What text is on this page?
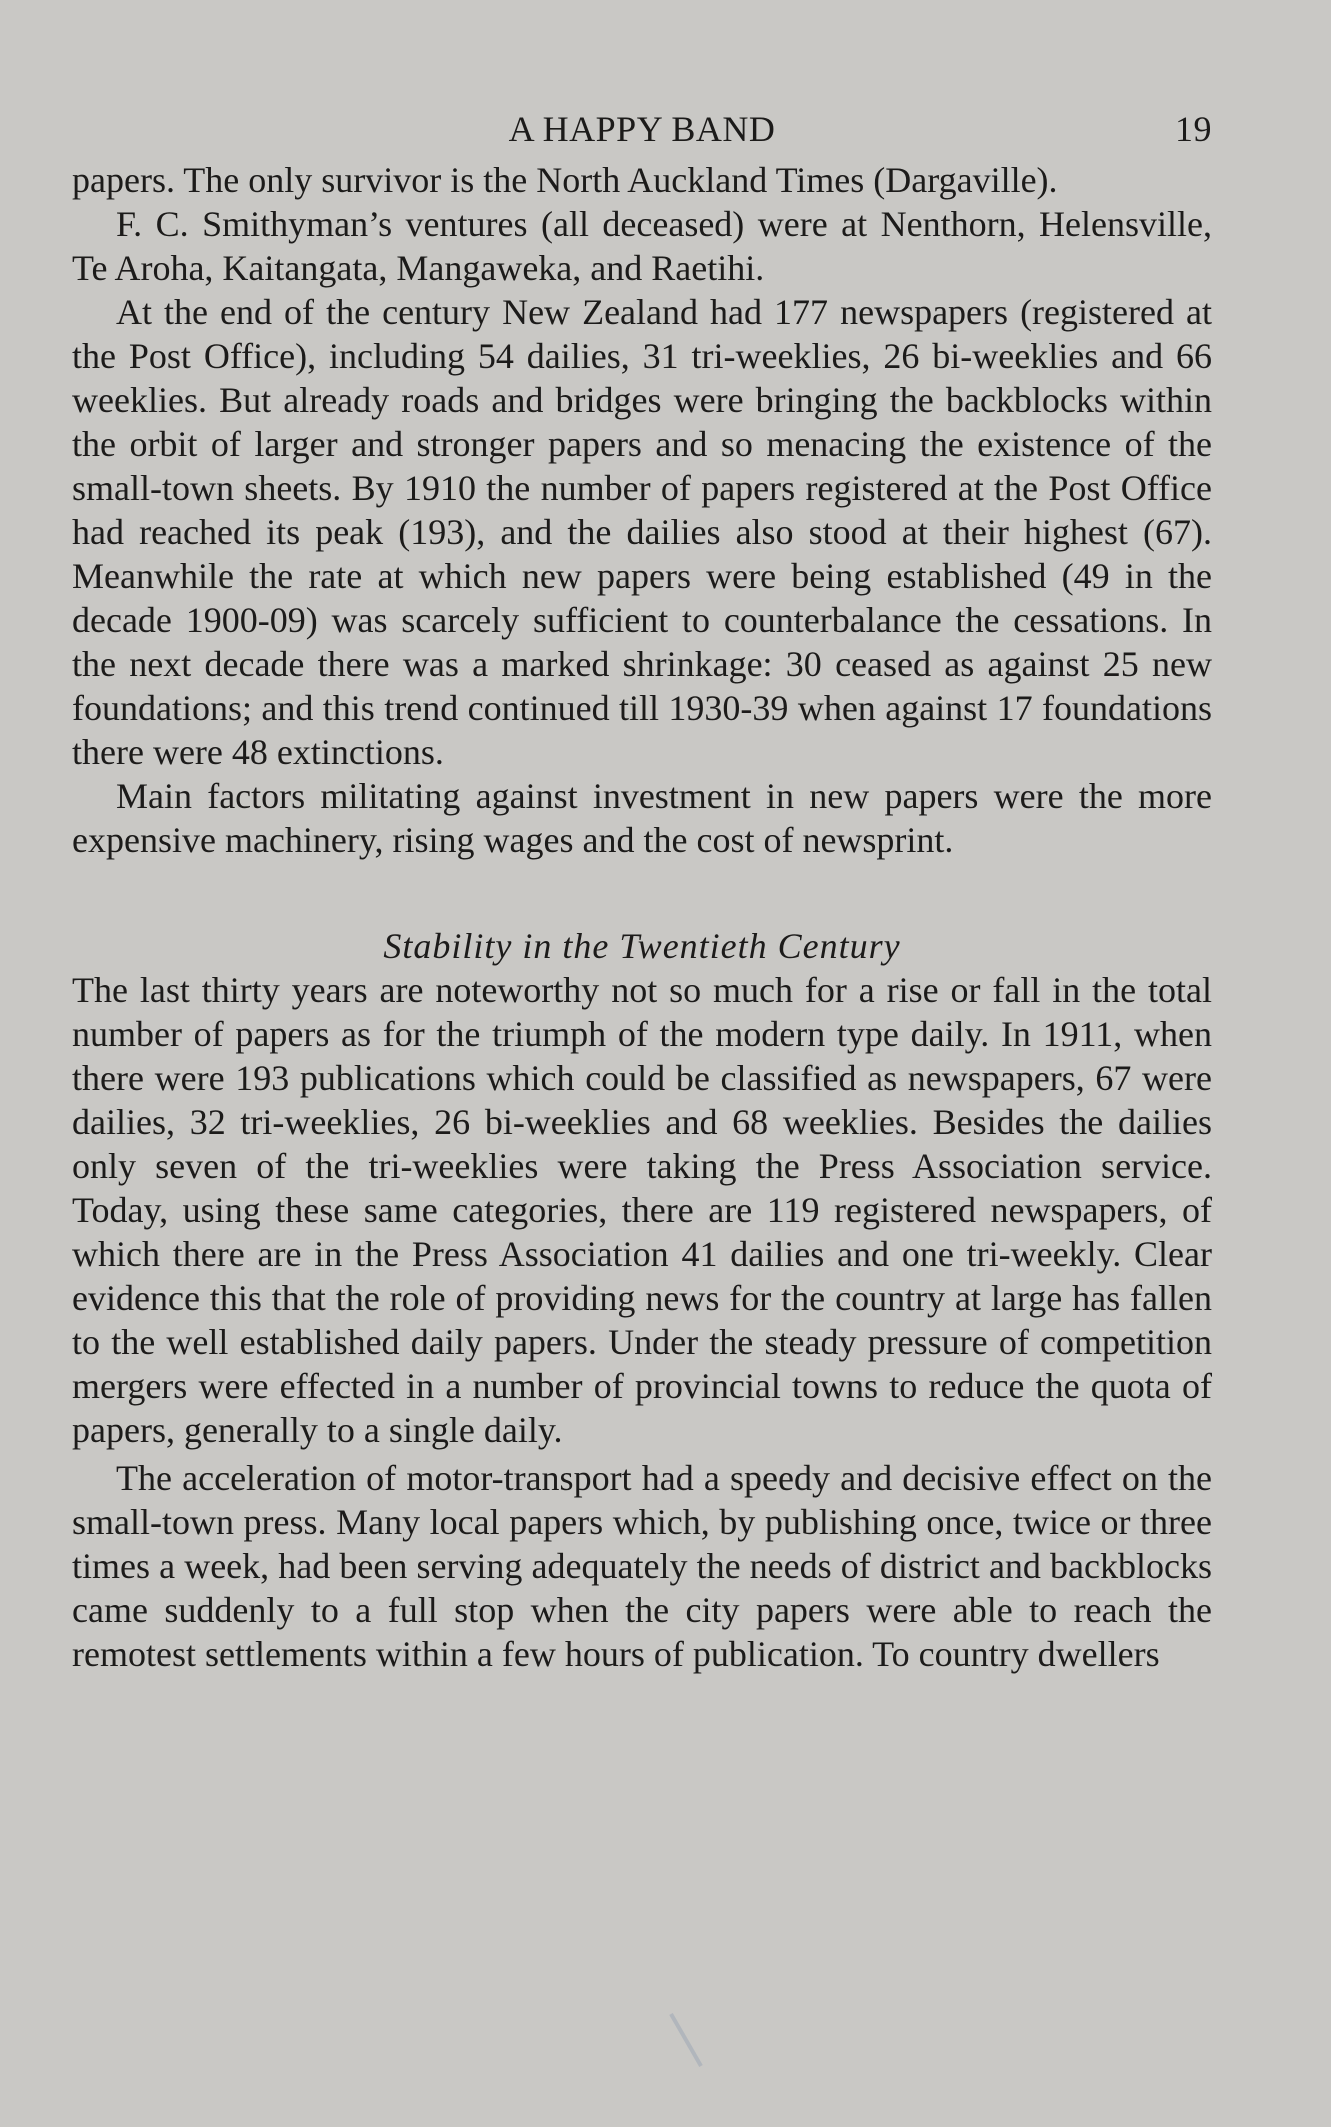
A HAPPY BAND	19

papers. The only survivor is the North Auckland Times (Dargaville).

F. C. Smithyman’s ventures (all deceased) were at Nenthorn, Helensville, Te Aroha, Kaitangata, Mangaweka, and Raetihi.

At the end of the century New Zealand had 177 newspapers (registered at the Post Office), including 54 dailies, 31 tri-weeklies, 26 bi-weeklies and 66 weeklies. But already roads and bridges were bringing the backblocks within the orbit of larger and stronger papers and so menacing the existence of the small-town sheets. By 1910 the number of papers registered at the Post Office had reached its peak (193), and the dailies also stood at their highest (67). Meanwhile the rate at which new papers were being established (49 in the decade 1900-09) was scarcely sufficient to counterbalance the cessations. In the next decade there was a marked shrinkage: 30 ceased as against 25 new foundations; and this trend continued till 1930-39 when against 17 foundations there were 48 extinctions.

Main factors militating against investment in new papers were the more expensive machinery, rising wages and the cost of newsprint.

Stability in the Twentieth Century

The last thirty years are noteworthy not so much for a rise or fall in the total number of papers as for the triumph of the modern type daily. In 1911, when there were 193 publications which could be classified as newspapers, 67 were dailies, 32 tri-weeklies, 26 bi-weeklies and 68 weeklies. Besides the dailies only seven of the tri-weeklies were taking the Press Association service. Today, using these same categories, there are 119 registered newspapers, of which there are in the Press Association 41 dailies and one tri-weekly. Clear evidence this that the role of providing news for the country at large has fallen to the well established daily papers. Under the steady pressure of competition mergers were effected in a number of provincial towns to reduce the quota of papers, generally to a single daily.

The acceleration of motor-transport had a speedy and decisive effect on the small-town press. Many local papers which, by publishing once, twice or three times a week, had been serving adequately the needs of district and backblocks came suddenly to a full stop when the city papers were able to reach the remotest settlements within a few hours of publication. To country dwellers
